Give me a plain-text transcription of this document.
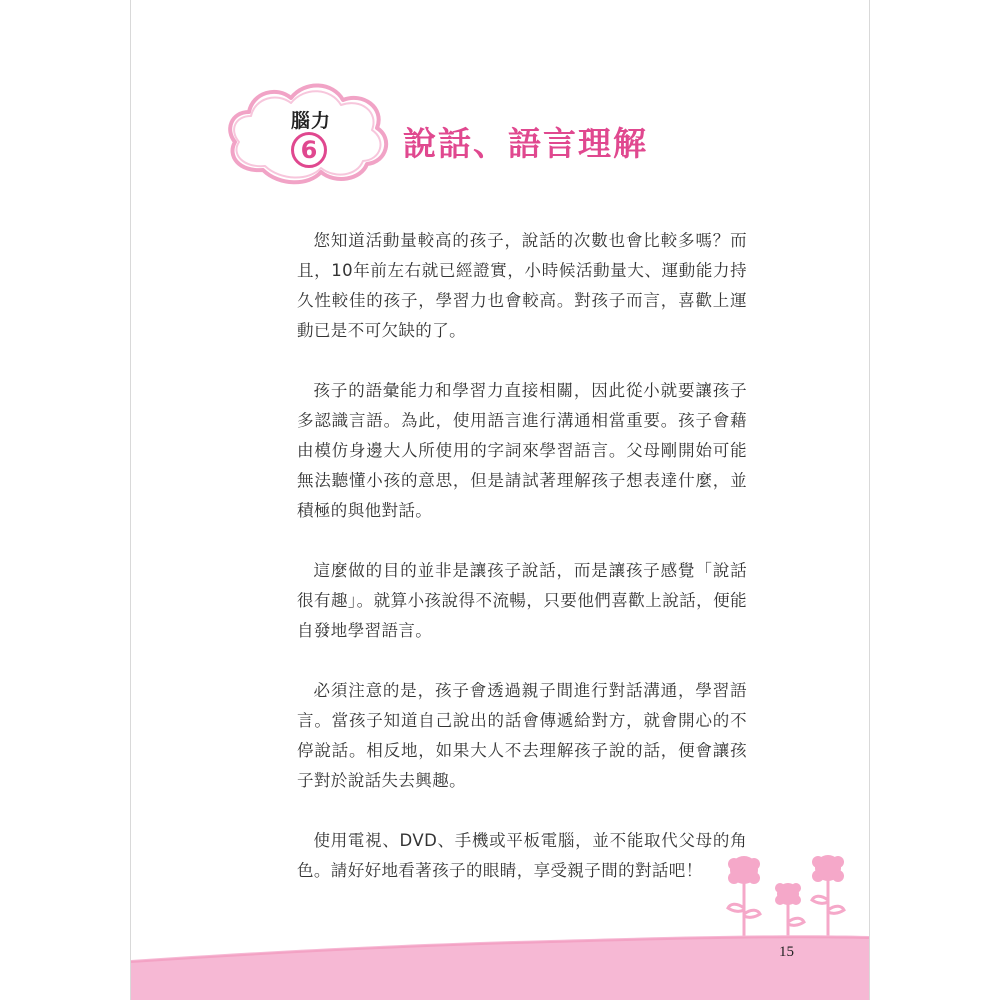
腦力
6	說話、語言理解

您知道活動量較高的孩子，說話的次數也會比較多嗎？而且，10年前左右就已經證實，小時候活動量大、運動能力持久性較佳的孩子，學習力也會較高。對孩子而言，喜歡上運動已是不可欠缺的了。

孩子的語彙能力和學習力直接相關，因此從小就要讓孩子多認識言語。為此，使用語言進行溝通相當重要。孩子會藉由模仿身邊大人所使用的字詞來學習語言。父母剛開始可能無法聽懂小孩的意思，但是請試著理解孩子想表達什麼，並積極的與他對話。

這麼做的目的並非是讓孩子說話，而是讓孩子感覺「說話很有趣」。就算小孩說得不流暢，只要他們喜歡上說話，便能自發地學習語言。

必須注意的是，孩子會透過親子間進行對話溝通，學習語言。當孩子知道自己說出的話會傳遞給對方，就會開心的不停說話。相反地，如果大人不去理解孩子說的話，便會讓孩子對於說話失去興趣。

使用電視、DVD、手機或平板電腦，並不能取代父母的角色。請好好地看著孩子的眼睛，享受親子間的對話吧！

15
